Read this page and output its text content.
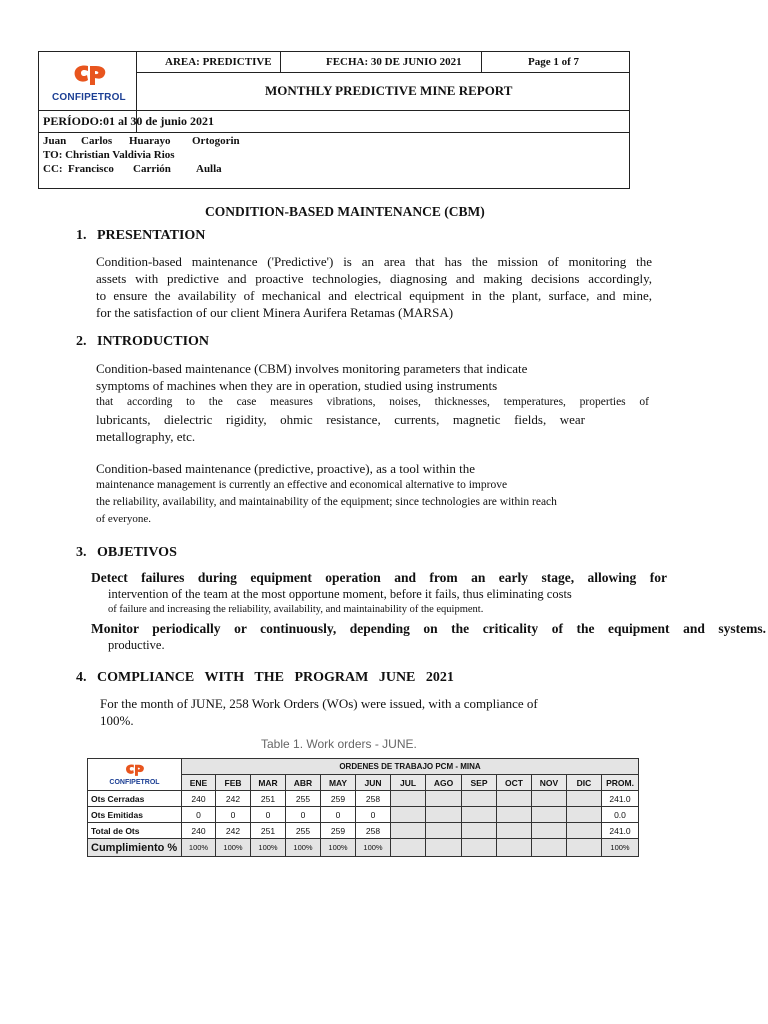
CONFIPETROL
AREA: PREDICTIVE	FECHA: 30 DE JUNIO 2021	Page 1 of 7
MONTHLY PREDICTIVE MINE REPORT
PERÍODO:01 al 30 de junio 2021
Juan Carlos Huarayo Ortogorin
TO: Christian Valdivia Rios
CC: Francisco Carrión Aulla
CONDITION-BASED MAINTENANCE (CBM)
1.   PRESENTATION
Condition-based maintenance ('Predictive') is an area that has the mission of monitoring the
assets with predictive and proactive technologies, diagnosing and making decisions accordingly,
to ensure the availability of mechanical and electrical equipment in the plant, surface, and mine,
for the satisfaction of our client Minera Aurifera Retamas (MARSA)
2.   INTRODUCTION
Condition-based maintenance (CBM) involves monitoring parameters that indicate
symptoms of machines when they are in operation, studied using instruments
that according to the case measures vibrations, noises, thicknesses, temperatures, properties of
lubricants, dielectric rigidity, ohmic resistance, currents, magnetic fields, wear
metallography, etc.
Condition-based maintenance (predictive, proactive), as a tool within the
maintenance management is currently an effective and economical alternative to improve
the reliability, availability, and maintainability of the equipment; since technologies are within reach
of everyone.
3.   OBJETIVOS
Detect failures during equipment operation and from an early stage, allowing for
intervention of the team at the most opportune moment, before it fails, thus eliminating costs
of failure and increasing the reliability, availability, and maintainability of the equipment.
Monitor periodically or continuously, depending on the criticality of the equipment and systems.
productive.
4.   COMPLIANCE   WITH   THE   PROGRAM   JUNE   2021
For the month of JUNE, 258 Work Orders (WOs) were issued, with a compliance of
100%.
Table 1. Work orders - JUNE.
CONFIPETROL	ORDENES DE TRABAJO PCM - MINA												
	ENE	FEB	MAR	ABR	MAY	JUN	JUL	AGO	SEP	OCT	NOV	DIC	PROM.
Ots Cerradas	240	242	251	255	259	258							241.0
Ots Emitidas	0	0	0	0	0	0							0.0
Total de Ots	240	242	251	255	259	258							241.0
Cumplimiento %	100%	100%	100%	100%	100%	100%							100%
